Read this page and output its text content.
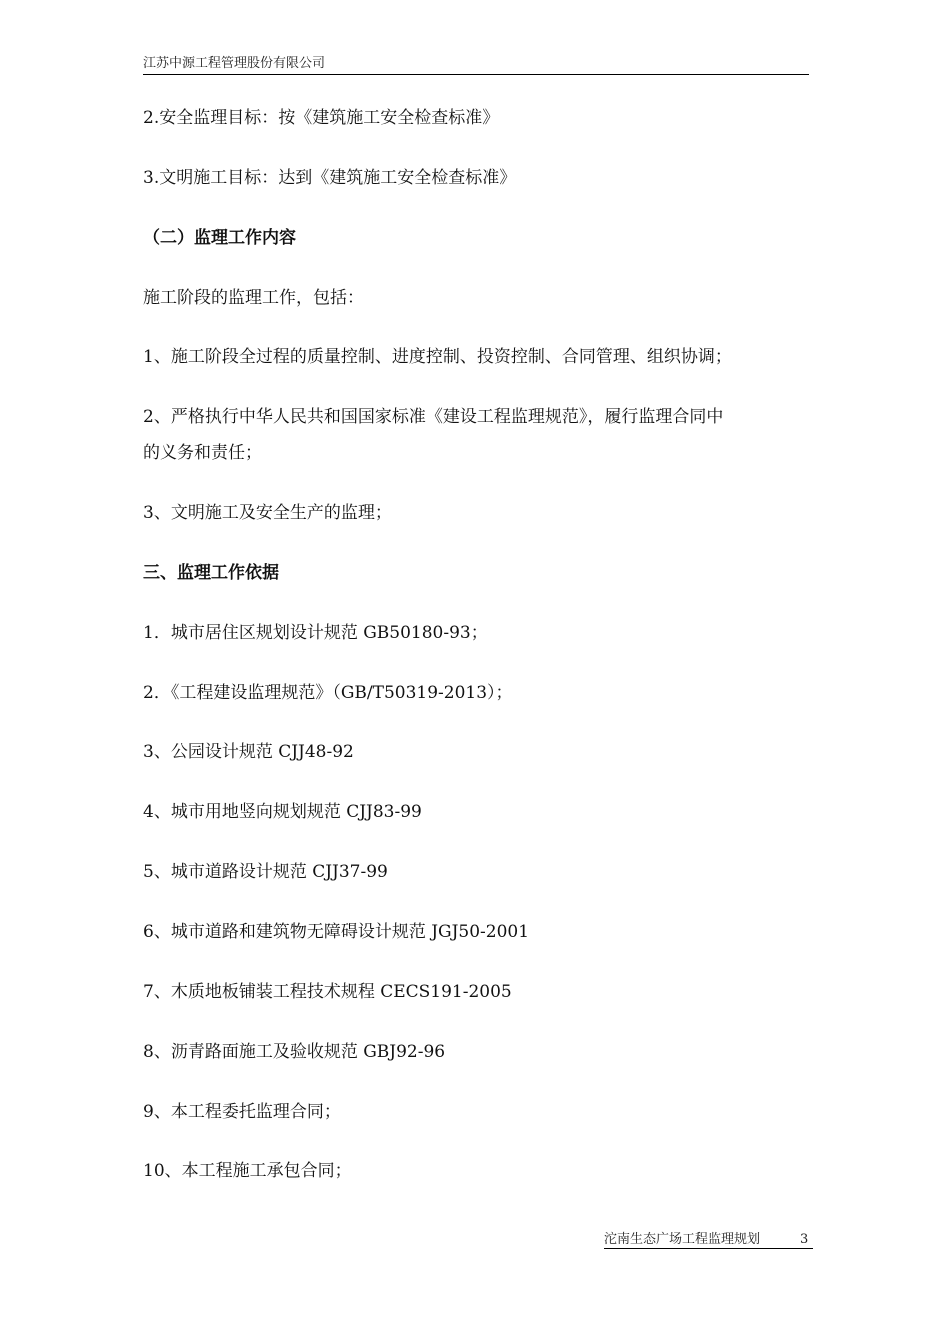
江苏中源工程管理股份有限公司
2.安全监理目标：按《建筑施工安全检查标准》
3.文明施工目标：达到《建筑施工安全检查标准》
（二）监理工作内容
施工阶段的监理工作，包括：
1、施工阶段全过程的质量控制、进度控制、投资控制、合同管理、组织协调；
2、严格执行中华人民共和国国家标准《建设工程监理规范》，履行监理合同中
的义务和责任；
3、文明施工及安全生产的监理；
三、监理工作依据
1．城市居住区规划设计规范 GB50180-93；
2．《工程建设监理规范》（GB/T50319-2013）；
3、公园设计规范 CJJ48-92
4、城市用地竖向规划规范 CJJ83-99
5、城市道路设计规范 CJJ37-99
6、城市道路和建筑物无障碍设计规范 JGJ50-2001
7、木质地板铺装工程技术规程 CECS191-2005
8、沥青路面施工及验收规范 GBJ92-96
9、本工程委托监理合同；
10、本工程施工承包合同；
沱南生态广场工程监理规划	3
